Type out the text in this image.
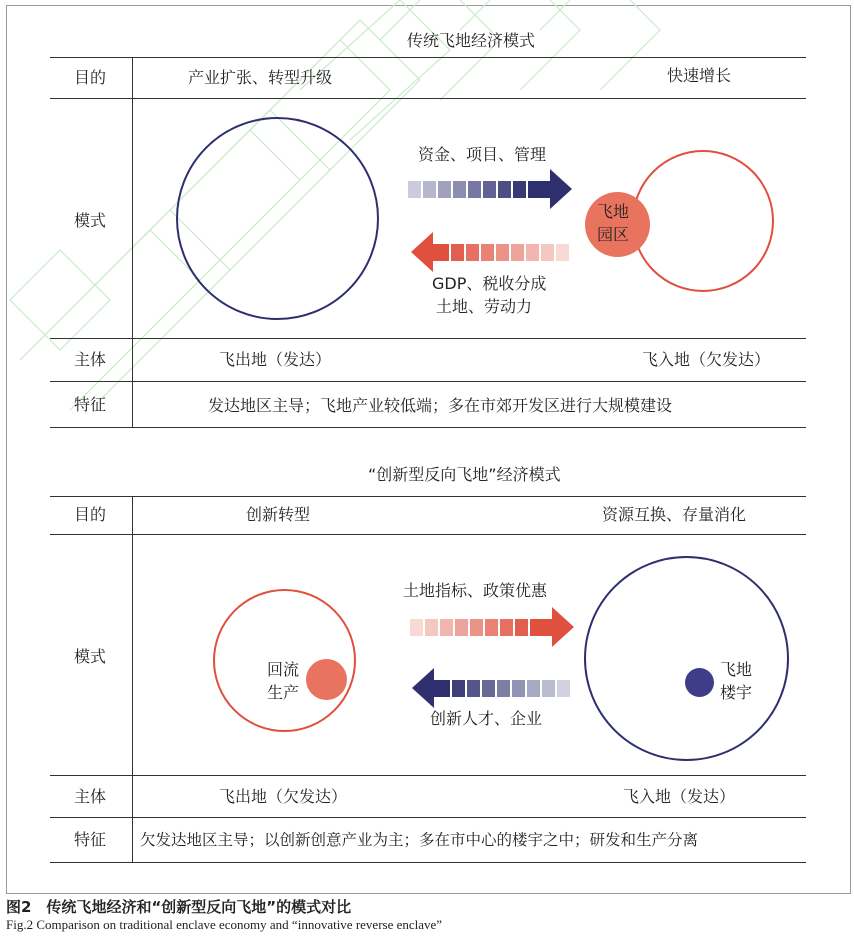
传统飞地经济模式
目的	产业扩张、转型升级	快速增长
模式	飞地
园区
资金、项目、管理
GDP、税收分成
土地、劳动力
主体	飞出地（发达）	飞入地（欠发达）
特征	发达地区主导；飞地产业较低端；多在市郊开发区进行大规模建设
“创新型反向飞地”经济模式
目的	创新转型	资源互换、存量消化
模式
回流
生产
飞地
楼宇
土地指标、政策优惠
创新人才、企业
主体	飞出地（欠发达）	飞入地（发达）
特征 欠发达地区主导；以创新创意产业为主；多在市中心的楼宇之中；研发和生产分离
图2　传统飞地经济和“创新型反向飞地”的模式对比
Fig.2 Comparison on traditional enclave economy and “innovative reverse enclave”
